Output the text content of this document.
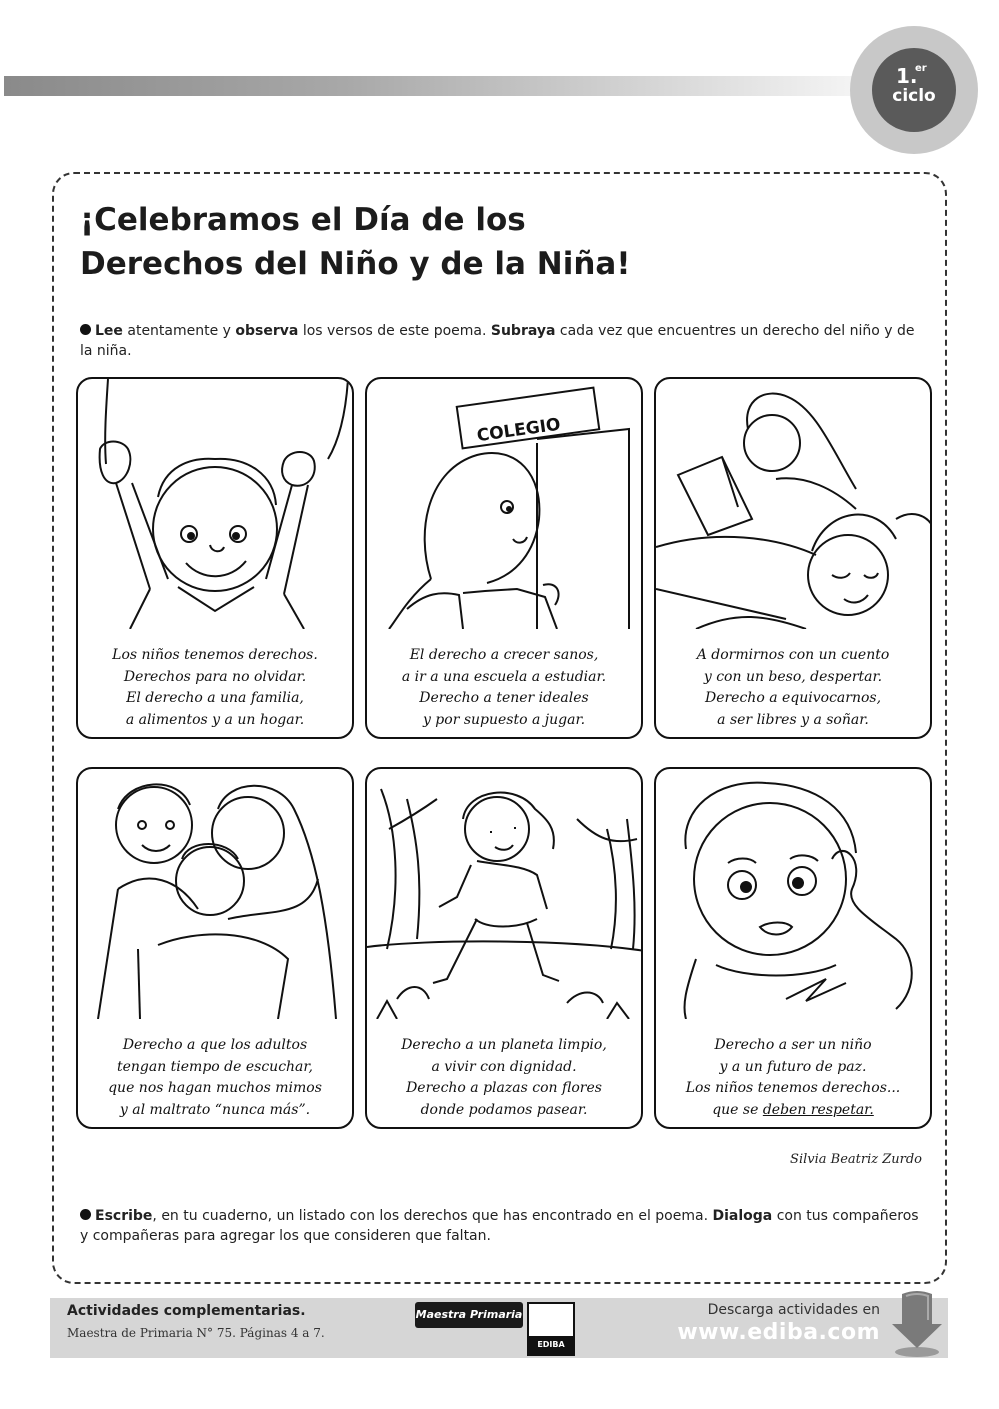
1.
er
ciclo
¡Celebramos el Día de los
Derechos del Niño y de la Niña!
Lee atentamente y observa los versos de este poema. Subraya cada vez que encuentres un derecho del niño y de la niña.
Los niños tenemos derechos.
Derechos para no olvidar.
El derecho a una familia,
a alimentos y a un hogar.
COLEGIO
El derecho a crecer sanos,
a ir a una escuela a estudiar.
Derecho a tener ideales
y por supuesto a jugar.
A dormirnos con un cuento
y con un beso, despertar.
Derecho a equivocarnos,
a ser libres y a soñar.
Derecho a que los adultos
tengan tiempo de escuchar,
que nos hagan muchos mimos
y al maltrato “nunca más”.
Derecho a un planeta limpio,
a vivir con dignidad.
Derecho a plazas con flores
donde podamos pasear.
Derecho a ser un niño
y a un futuro de paz.
Los niños tenemos derechos...
que se deben respetar.
Silvia Beatriz Zurdo
Escribe, en tu cuaderno, un listado con los derechos que has encontrado en el poema. Dialoga con tus compañeros y compañeras para agregar los que consideren que faltan.
Actividades complementarias.
Maestra de Primaria N° 75. Páginas 4 a 7.
Maestra Primaria
EDIBA
Descarga actividades en
www.ediba.com
